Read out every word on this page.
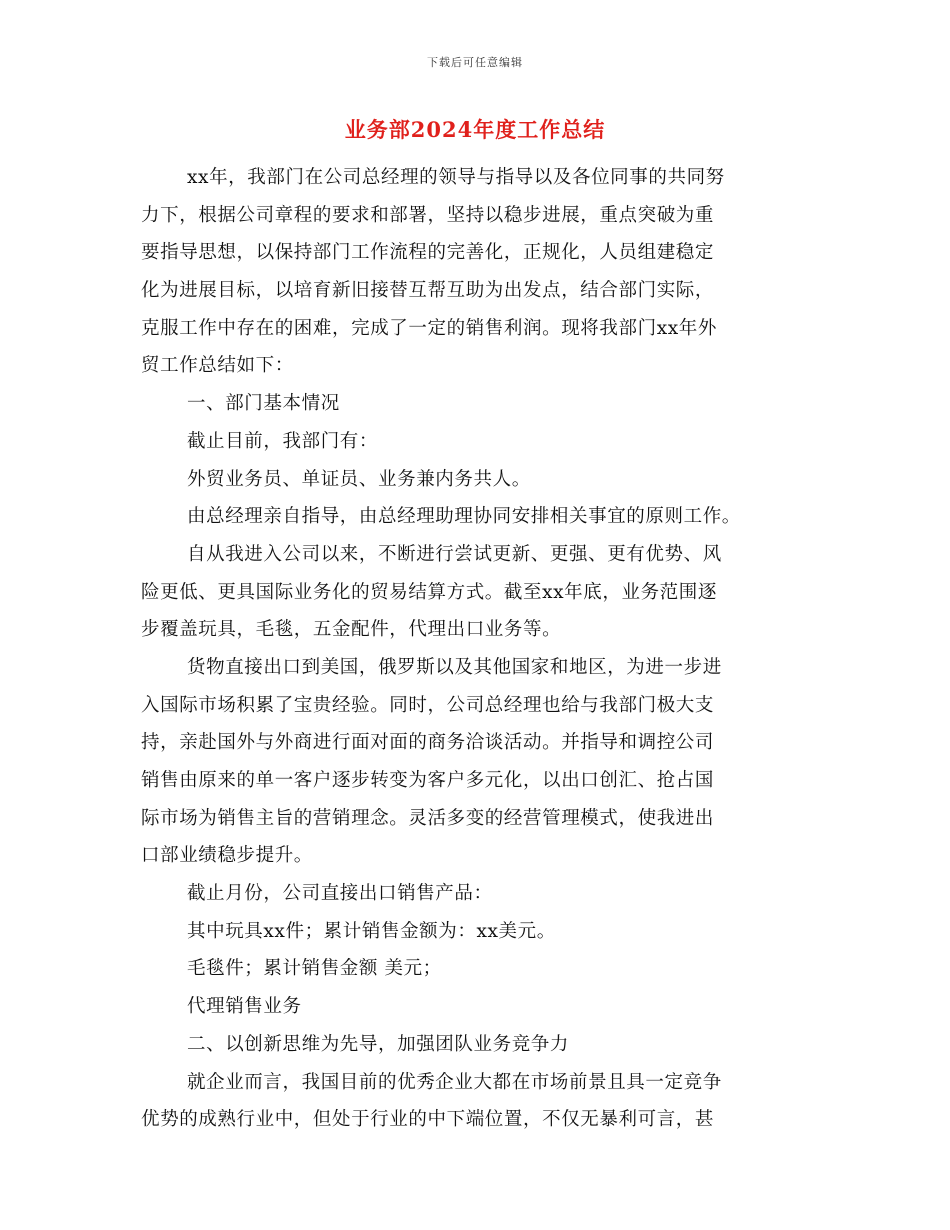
下载后可任意编辑
业务部2024年度工作总结
xx年，我部门在公司总经理的领导与指导以及各位同事的共同努
力下，根据公司章程的要求和部署，坚持以稳步进展，重点突破为重
要指导思想，以保持部门工作流程的完善化，正规化，人员组建稳定
化为进展目标，以培育新旧接替互帮互助为出发点，结合部门实际，
克服工作中存在的困难，完成了一定的销售利润。现将我部门xx年外
贸工作总结如下：
一、部门基本情况
截止目前，我部门有：
外贸业务员、单证员、业务兼内务共人。
由总经理亲自指导，由总经理助理协同安排相关事宜的原则工作。
自从我进入公司以来，不断进行尝试更新、更强、更有优势、风
险更低、更具国际业务化的贸易结算方式。截至xx年底，业务范围逐
步覆盖玩具，毛毯，五金配件，代理出口业务等。
货物直接出口到美国，俄罗斯以及其他国家和地区，为进一步进
入国际市场积累了宝贵经验。同时，公司总经理也给与我部门极大支
持，亲赴国外与外商进行面对面的商务洽谈活动。并指导和调控公司
销售由原来的单一客户逐步转变为客户多元化，以出口创汇、抢占国
际市场为销售主旨的营销理念。灵活多变的经营管理模式，使我进出
口部业绩稳步提升。
截止月份，公司直接出口销售产品：
其中玩具xx件；累计销售金额为：xx美元。
毛毯件；累计销售金额 美元；
代理销售业务
二、以创新思维为先导，加强团队业务竞争力
就企业而言，我国目前的优秀企业大都在市场前景且具一定竞争
优势的成熟行业中，但处于行业的中下端位置，不仅无暴利可言，甚
